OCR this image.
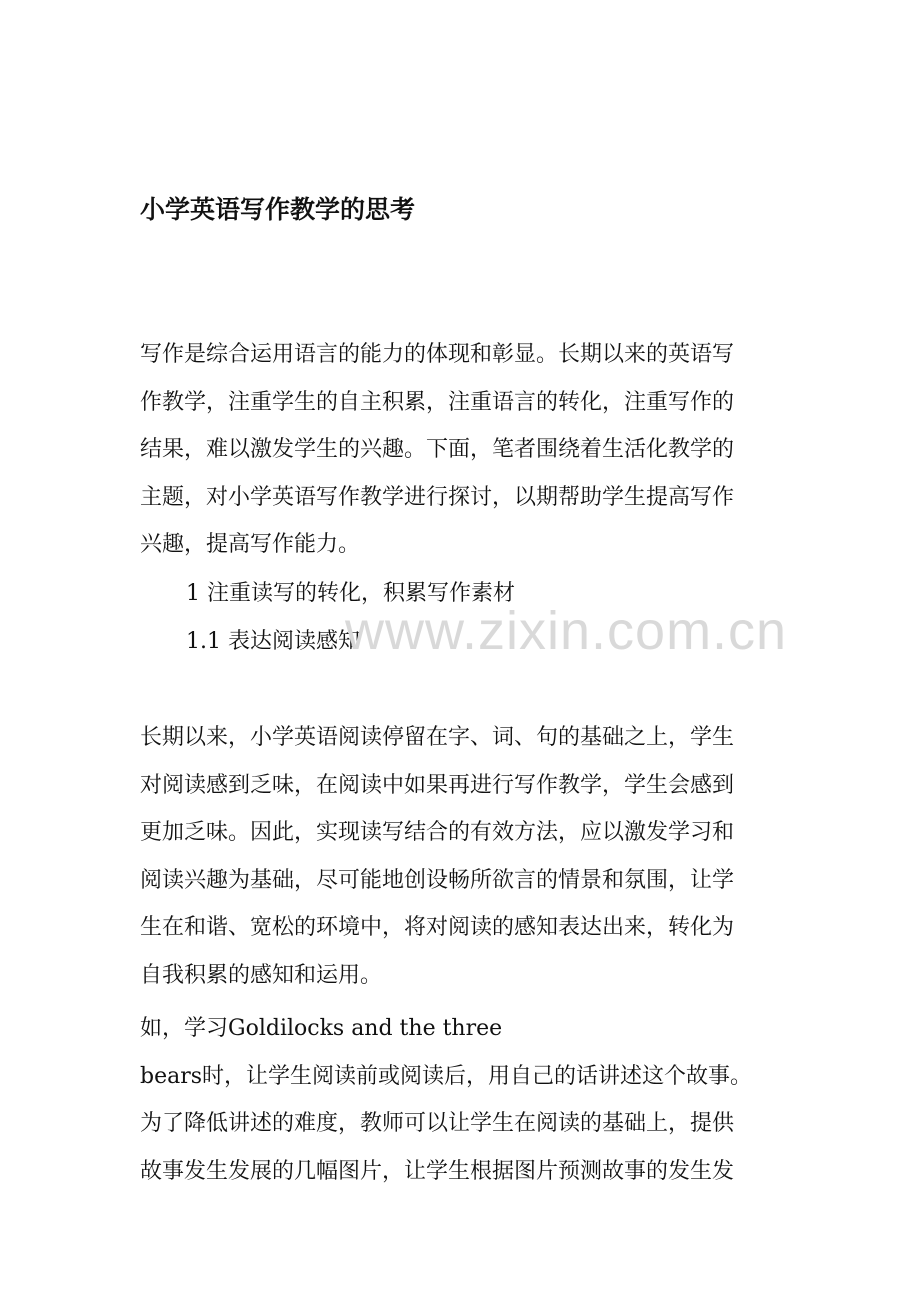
小学英语写作教学的思考
写作是综合运用语言的能力的体现和彰显。长期以来的英语写
作教学，注重学生的自主积累，注重语言的转化，注重写作的
结果，难以激发学生的兴趣。下面，笔者围绕着生活化教学的
主题，对小学英语写作教学进行探讨，以期帮助学生提高写作
兴趣，提高写作能力。
1 注重读写的转化，积累写作素材
1.1 表达阅读感知
长期以来，小学英语阅读停留在字、词、句的基础之上，学生
对阅读感到乏味，在阅读中如果再进行写作教学，学生会感到
更加乏味。因此，实现读写结合的有效方法，应以激发学习和
阅读兴趣为基础，尽可能地创设畅所欲言的情景和氛围，让学
生在和谐、宽松的环境中，将对阅读的感知表达出来，转化为
自我积累的感知和运用。
如，学习Goldilocks and the three
bears时，让学生阅读前或阅读后，用自己的话讲述这个故事。
为了降低讲述的难度，教师可以让学生在阅读的基础上，提供
故事发生发展的几幅图片，让学生根据图片预测故事的发生发
www.zixin.com.cn
